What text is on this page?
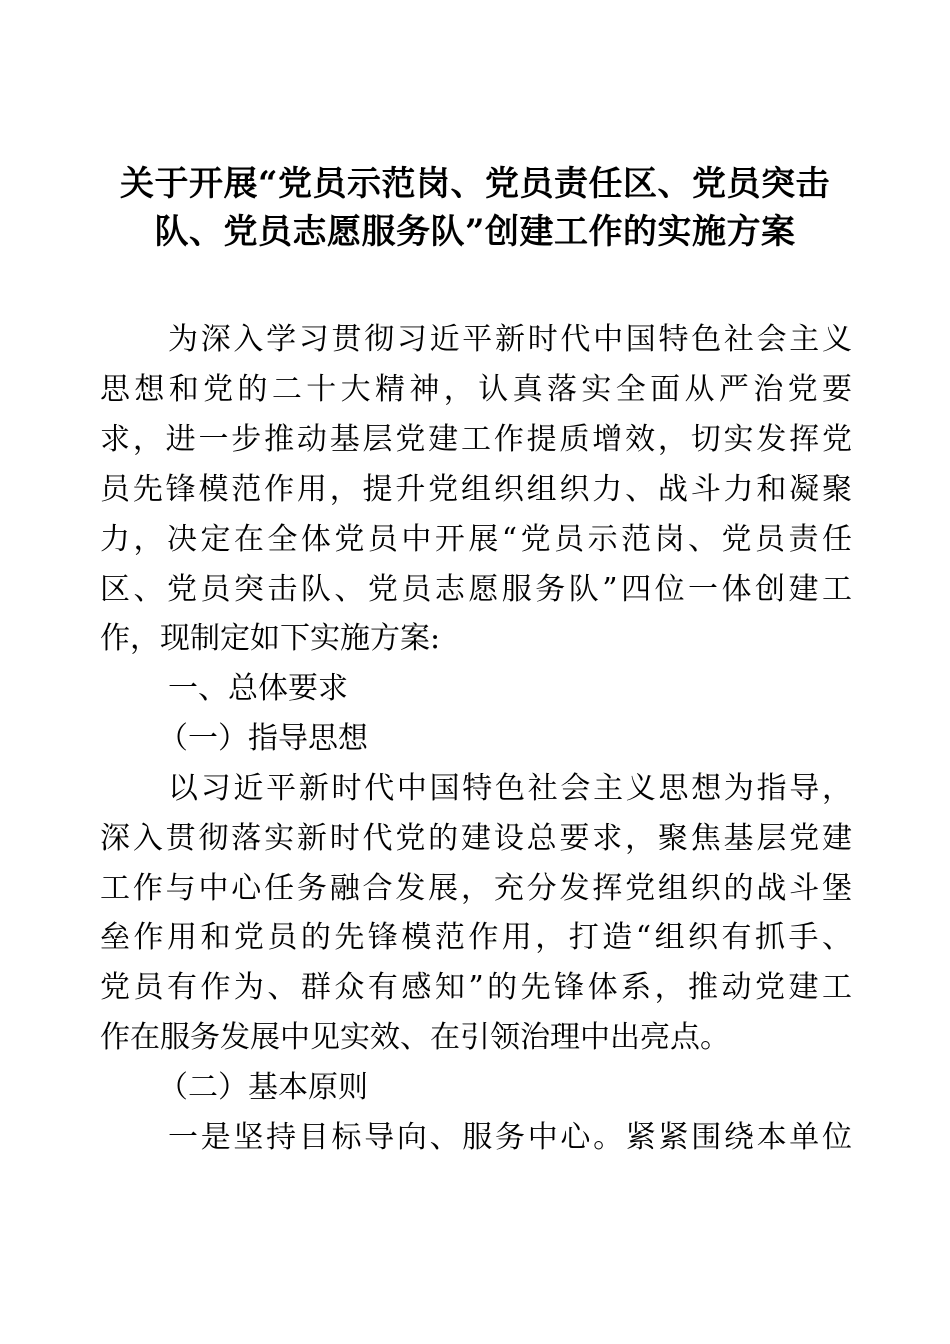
关于开展“党员示范岗、党员责任区、党员突击
队、党员志愿服务队”创建工作的实施方案
为深入学习贯彻习近平新时代中国特色社会主义
思想和党的二十大精神，认真落实全面从严治党要
求，进一步推动基层党建工作提质增效，切实发挥党
员先锋模范作用，提升党组织组织力、战斗力和凝聚
力，决定在全体党员中开展“党员示范岗、党员责任
区、党员突击队、党员志愿服务队”四位一体创建工
作，现制定如下实施方案:
一、总体要求
（一）指导思想
以习近平新时代中国特色社会主义思想为指导，
深入贯彻落实新时代党的建设总要求，聚焦基层党建
工作与中心任务融合发展，充分发挥党组织的战斗堡
垒作用和党员的先锋模范作用，打造“组织有抓手、
党员有作为、群众有感知”的先锋体系，推动党建工
作在服务发展中见实效、在引领治理中出亮点。
（二）基本原则
一是坚持目标导向、服务中心。紧紧围绕本单位
